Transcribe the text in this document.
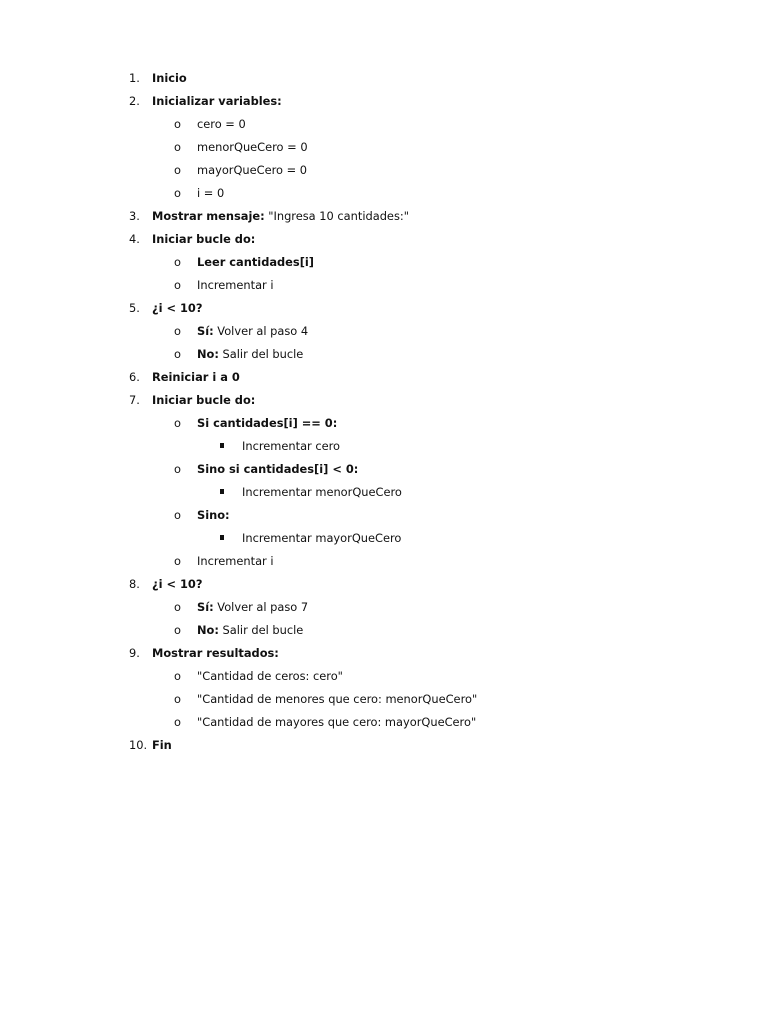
1.	Inicio
2.	Inicializar variables:
o cero = 0
o menorQueCero = 0
o mayorQueCero = 0
o i = 0
3.	Mostrar mensaje: "Ingresa 10 cantidades:"
4.	Iniciar bucle do:
o Leer cantidades[i]
o Incrementar i
5.	¿i < 10?
o Sí: Volver al paso 4
o No: Salir del bucle
6.	Reiniciar i a 0
7.	Iniciar bucle do:
o Si cantidades[i] == 0:
Incrementar cero
o Sino si cantidades[i] < 0:
Incrementar menorQueCero
o Sino:
Incrementar mayorQueCero
o Incrementar i
8.	¿i < 10?
o Sí: Volver al paso 7
o No: Salir del bucle
9.	Mostrar resultados:
o "Cantidad de ceros: cero"
o "Cantidad de menores que cero: menorQueCero"
o "Cantidad de mayores que cero: mayorQueCero"
10. Fin
